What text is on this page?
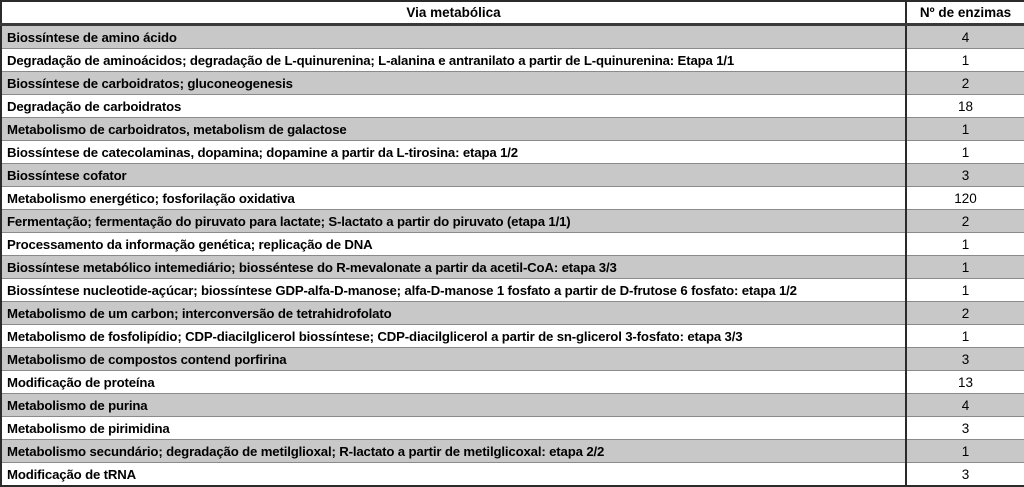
Via metabólica	Nº de enzimas
Biossíntese de amino ácido	4
Degradação de aminoácidos; degradação de L-quinurenina; L-alanina e antranilato a partir de L-quinurenina: Etapa 1/1	1
Biossíntese de carboidratos; gluconeogenesis	2
Degradação de carboidratos	18
Metabolismo de carboidratos, metabolism de galactose	1
Biossíntese de catecolaminas, dopamina; dopamine a partir da L-tirosina: etapa 1/2	1
Biossíntese cofator	3
Metabolismo energético; fosforilação oxidativa	120
Fermentação; fermentação do piruvato para lactate; S-lactato a partir do piruvato (etapa 1/1)	2
Processamento da informação genética; replicação de DNA	1
Biossíntese metabólico intemediário; biosséntese do R-mevalonate a partir da acetil-CoA: etapa 3/3	1
Biossíntese nucleotide-açúcar; biossíntese GDP-alfa-D-manose; alfa-D-manose 1 fosfato a partir de D-frutose 6 fosfato: etapa 1/2	1
Metabolismo de um carbon; interconversão de tetrahidrofolato	2
Metabolismo de fosfolipídio; CDP-diacilglicerol biossíntese; CDP-diacilglicerol a partir de sn-glicerol 3-fosfato: etapa 3/3	1
Metabolismo de compostos contend porfirina	3
Modificação de proteína	13
Metabolismo de purina	4
Metabolismo de pirimidina	3
Metabolismo secundário; degradação de metilglioxal; R-lactato a partir de metilglicoxal: etapa 2/2	1
Modificação de tRNA	3
